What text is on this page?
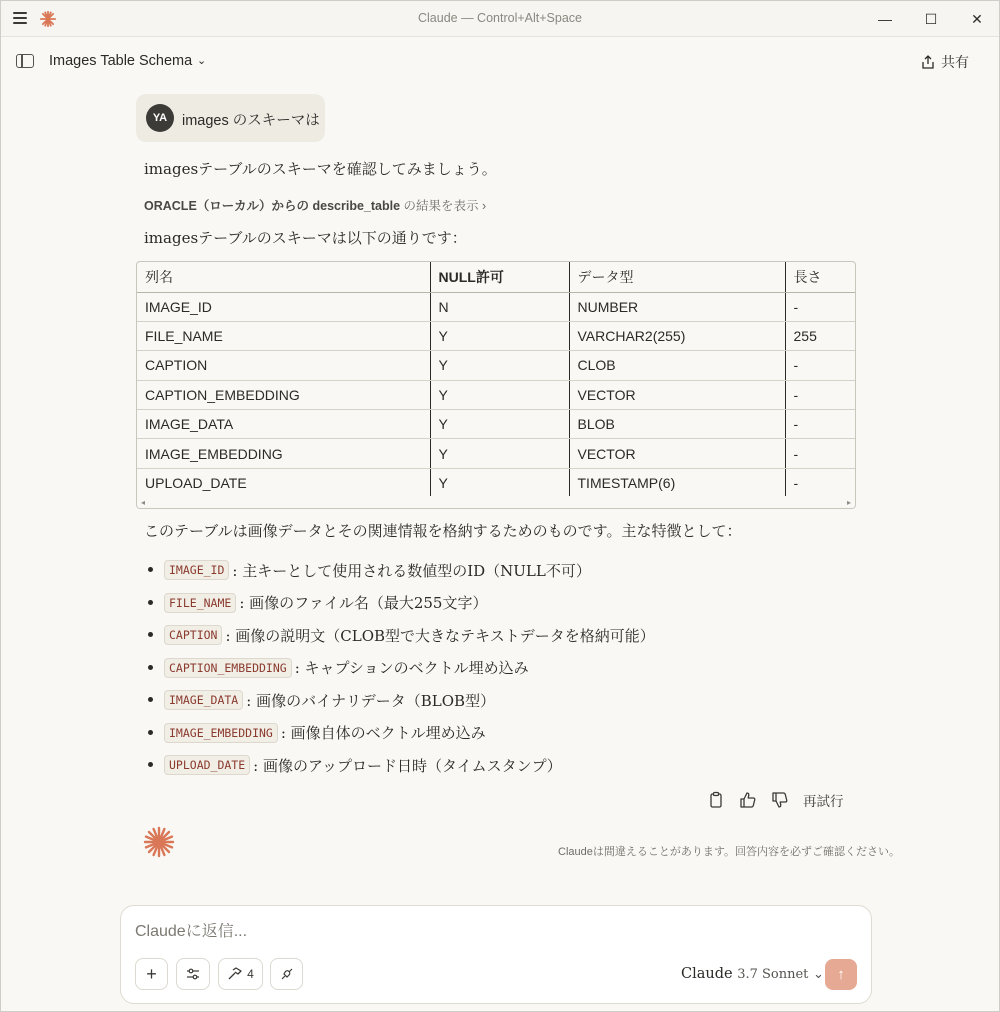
Claude — Control+Alt+Space	— ☐ ✕
Images Table Schema ⌄	共有
YA	images のスキーマは
imagesテーブルのスキーマを確認してみましょう。
ORACLE（ローカル）からの describe_table の結果を表示 ›
imagesテーブルのスキーマは以下の通りです：
列名	NULL許可	データ型	長さ
IMAGE_ID	N	NUMBER	-
FILE_NAME	Y	VARCHAR2(255)	255
CAPTION	Y	CLOB	-
CAPTION_EMBEDDING	Y	VECTOR	-
IMAGE_DATA	Y	BLOB	-
IMAGE_EMBEDDING	Y	VECTOR	-
UPLOAD_DATE	Y	TIMESTAMP(6)	-
◂	▸
このテーブルは画像データとその関連情報を格納するためのものです。主な特徴として：
IMAGE_ID : 主キーとして使用される数値型のID（NULL不可）
FILE_NAME : 画像のファイル名（最大255文字）
CAPTION : 画像の説明文（CLOB型で大きなテキストデータを格納可能）
CAPTION_EMBEDDING : キャプションのベクトル埋め込み
IMAGE_DATA : 画像のバイナリデータ（BLOB型）
IMAGE_EMBEDDING : 画像自体のベクトル埋め込み
UPLOAD_DATE : 画像のアップロード日時（タイムスタンプ）
再試行
Claudeは間違えることがあります。回答内容を必ずご確認ください。
Claudeに返信...
+	4	Claude 3.7 Sonnet ⌄ ↑
